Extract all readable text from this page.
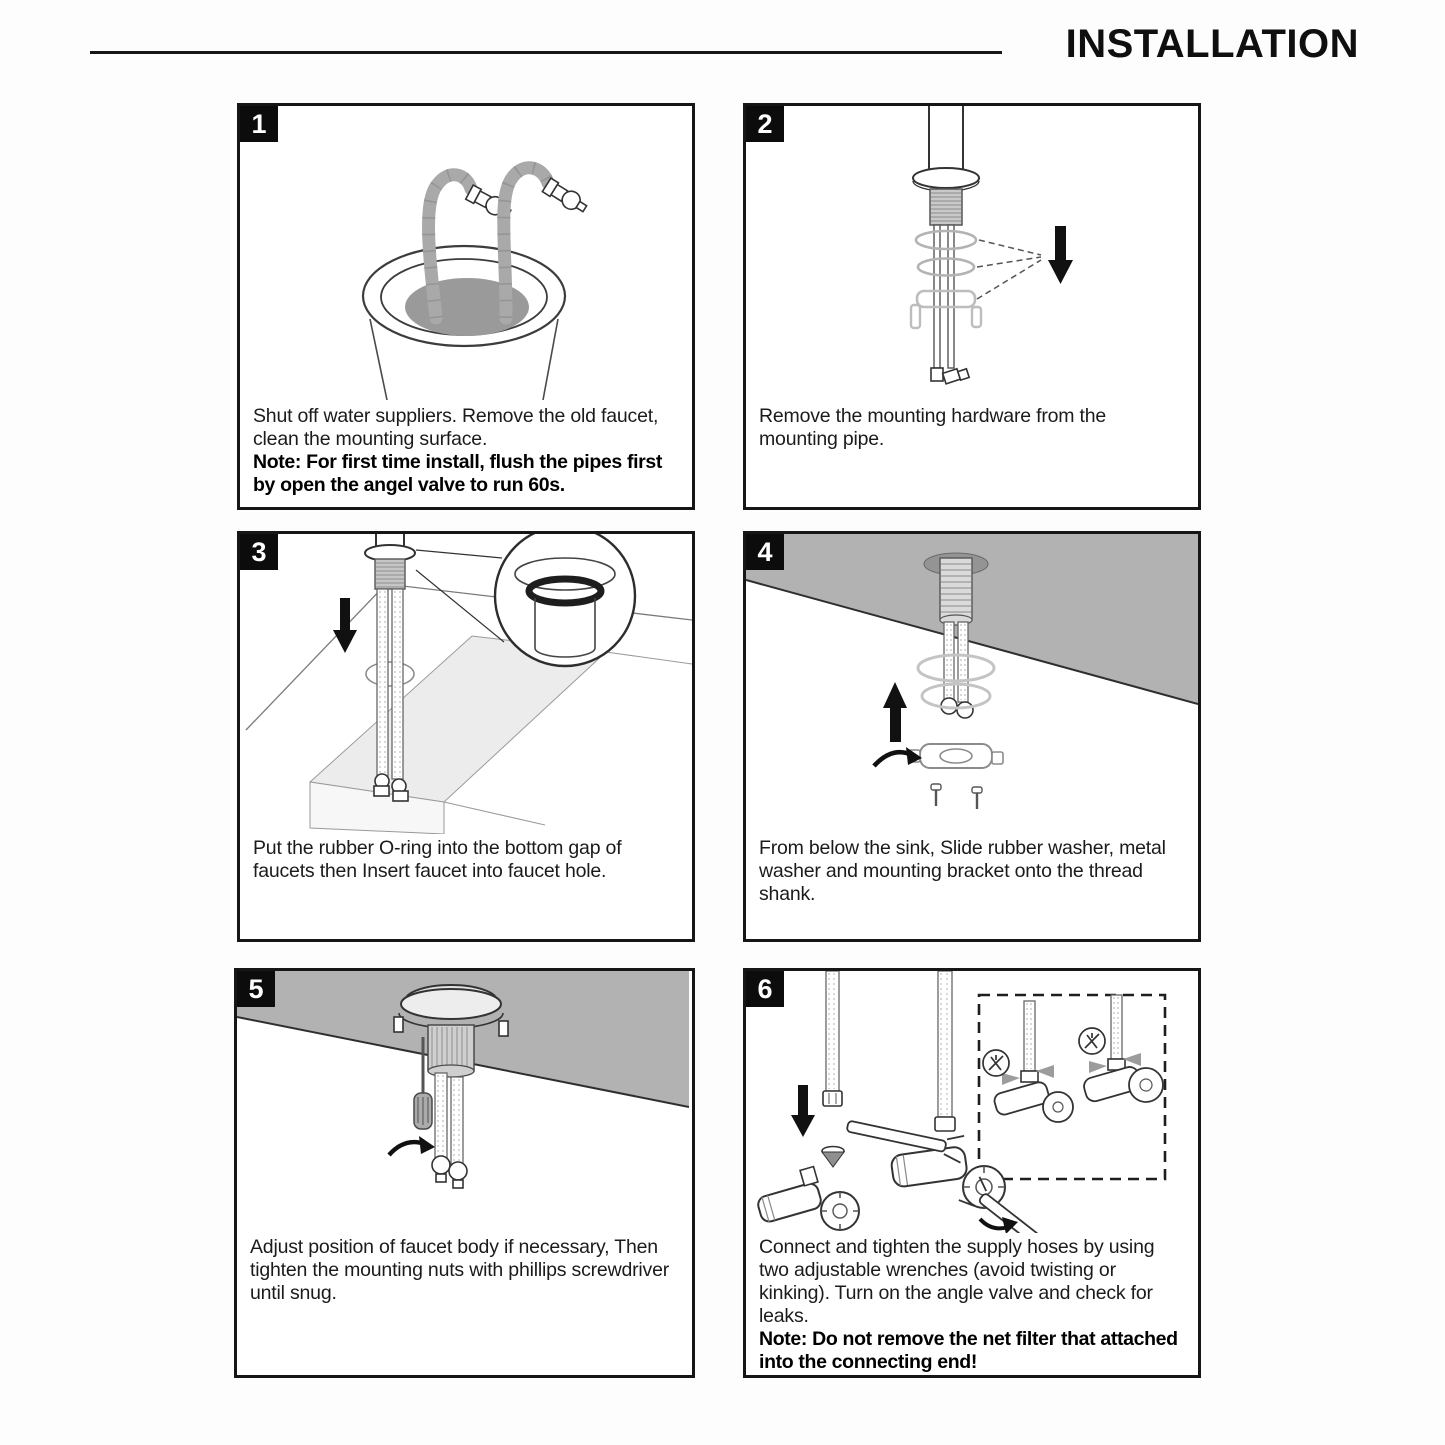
INSTALLATION
1

Shut off water suppliers. Remove the old faucet, clean the mounting surface.

Note: For first time install, flush the pipes first by open the angel valve to run 60s.

2

Remove the mounting hardware from the mounting pipe.

3

Put the rubber O-ring into the bottom gap of faucets then Insert faucet into faucet hole.

4

From below the sink, Slide rubber washer, metal washer and mounting bracket onto the thread shank.

5

Adjust position of faucet body if necessary, Then tighten the mounting nuts with phillips screwdriver until snug.

6

Connect and tighten the supply hoses by using two adjustable wrenches (avoid twisting or kinking). Turn on the angle valve and check for leaks.

Note: Do not remove the net filter that attached into the connecting end!
